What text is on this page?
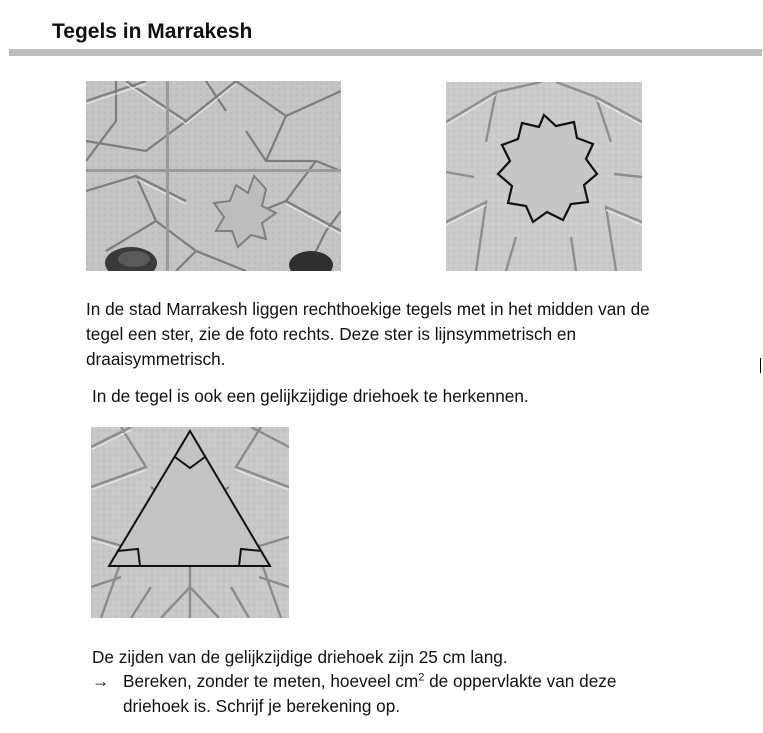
Tegels in Marrakesh
In de stad Marrakesh liggen rechthoekige tegels met in het midden van de
tegel een ster, zie de foto rechts. Deze ster is lijnsymmetrisch en
draaisymmetrisch.
In de tegel is ook een gelijkzijdige driehoek te herkennen.
De zijden van de gelijkzijdige driehoek zijn 25 cm lang.
→ Bereken, zonder te meten, hoeveel $cm^2$ de oppervlakte van deze
driehoek is. Schrijf je berekening op.
